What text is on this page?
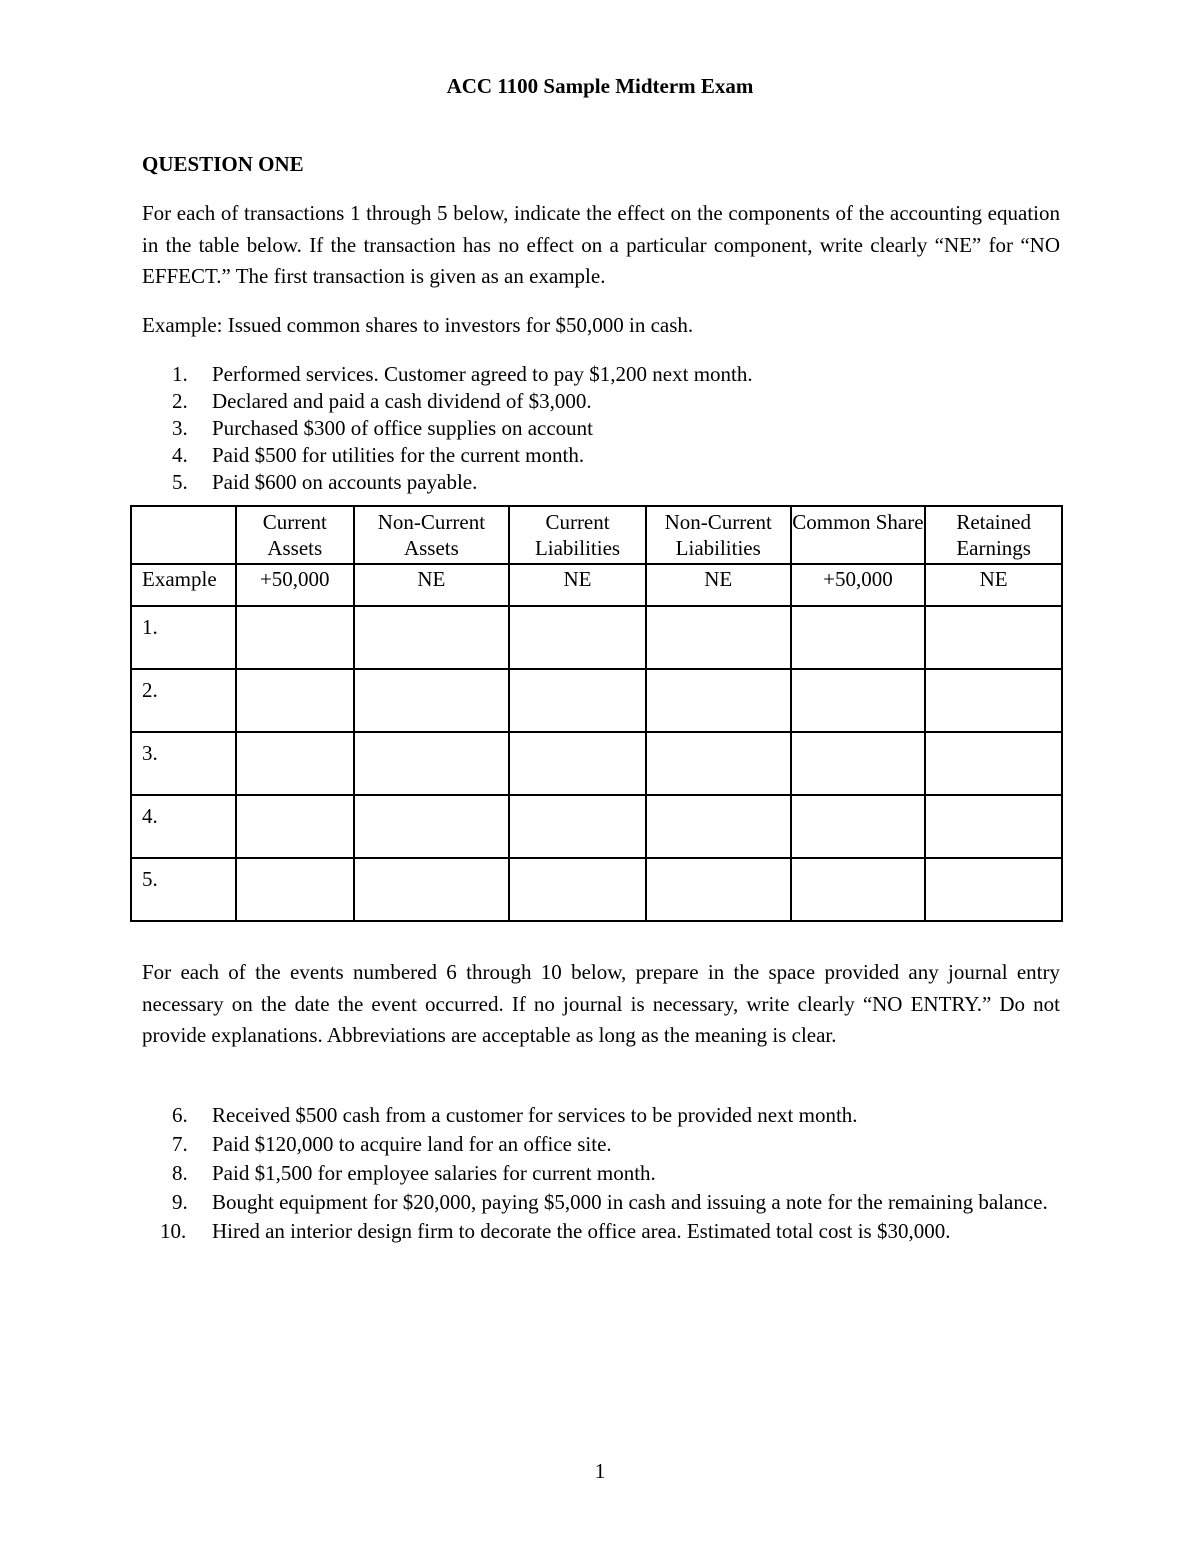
ACC 1100 Sample Midterm Exam
QUESTION ONE
For each of transactions 1 through 5 below, indicate the effect on the components of the accounting equation in the table below. If the transaction has no effect on a particular component, write clearly “NE” for “NO EFFECT.” The first transaction is given as an example.
Example: Issued common shares to investors for $50,000 in cash.
1. Performed services. Customer agreed to pay $1,200 next month.
2. Declared and paid a cash dividend of $3,000.
3. Purchased $300 of office supplies on account
4. Paid $500 for utilities for the current month.
5. Paid $600 on accounts payable.
	Current Assets	Non-Current Assets	Current Liabilities	Non-Current Liabilities	Common Share	Retained Earnings
Example	+50,000	NE	NE	NE	+50,000	NE
1.						
2.						
3.						
4.						
5.						
For each of the events numbered 6 through 10 below, prepare in the space provided any journal entry necessary on the date the event occurred. If no journal is necessary, write clearly “NO ENTRY.” Do not provide explanations. Abbreviations are acceptable as long as the meaning is clear.
6. Received $500 cash from a customer for services to be provided next month.
7. Paid $120,000 to acquire land for an office site.
8. Paid $1,500 for employee salaries for current month.
9. Bought equipment for $20,000, paying $5,000 in cash and issuing a note for the remaining balance.
10. Hired an interior design firm to decorate the office area. Estimated total cost is $30,000.
1
